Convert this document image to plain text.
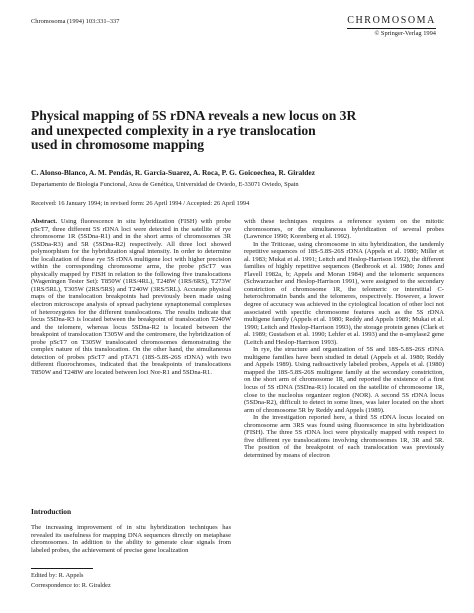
Chromosoma (1994) 103:331–337	CHROMOSOMA
© Springer-Verlag 1994
Physical mapping of 5S rDNA reveals a new locus on 3R
and unexpected complexity in a rye translocation
used in chromosome mapping
C. Alonso-Blanco, A. M. Pendás, R. Garcia-Suarez, A. Roca, P. G. Goicoechea, R. Giraldez
Departamento de Biologia Funcional, Area de Genética, Universidad de Oviedo, E-33071 Oviedo, Spain
Received: 16 January 1994; in revised form: 26 April 1994 / Accepted: 26 April 1994
Abstract. Using fluorescence in situ hybridization (FISH) with probe pScT7, three different 5S rDNA loci were detected in the satellite of rye chromosome 1R (5SDna-R1) and in the short arms of chromosomes 3R (5SDna-R3) and 5R (5SDna-R2) respectively. All three loci showed polymorphism for the hybridization signal intensity. In order to determine the localization of these rye 5S rDNA multigene loci with higher precision within the corresponding chromosome arms, the probe pScT7 was physically mapped by FISH in relation to the following five translocations (Wageningen Tester Set): T850W (1RS/4RL), T248W (1RS/6RS), T273W (1RS/5RL), T305W (2RS/5RS) and T240W (3RS/5RL). Accurate physical maps of the translocation breakpoints had previously been made using electron microscope analysis of spread pachytene synaptonemal complexes of heterozygotes for the different translocations. The results indicate that locus 5SDna-R3 is located between the breakpoint of translocation T240W and the telomere, whereas locus 5SDna-R2 is located between the breakpoint of translocation T305W and the centromere, the hybridization of probe pScT7 on T305W translocated chromosomes demonstrating the complex nature of this translocation. On the other hand, the simultaneous detection of probes pScT7 and pTA71 (18S-5.8S-26S rDNA) with two different fluorochromes, indicated that the breakpoints of translocations T850W and T248W are located between loci Nor-R1 and 5SDna-R1.
Introduction
The increasing improvement of in situ hybridization techniques has revealed its usefulness for mapping DNA sequences directly on metaphase chromosomes. In addition to the ability to generate clear signals from labeled probes, the achievement of precise gene localization
Edited by: R. Appels
Correspondence to: R. Giraldez

with these techniques requires a reference system on the mitotic chromosomes, or the simultaneous hybridization of several probes (Lawrence 1990; Korenberg et al. 1992).

In the Triticeae, using chromosome in situ hybridization, the tandemly repetitive sequences of 18S-5.8S-26S rDNA (Appels et al. 1980; Miller et al. 1983; Mukai et al. 1991; Leitch and Heslop-Harrison 1992), the different families of highly repetitive sequences (Bedbrook et al. 1980; Jones and Flavell 1982a, b; Appels and Moran 1984) and the telomeric sequences (Schwarzacher and Heslop-Harrison 1991), were assigned to the secondary constriction of chromosome 1R, the telomeric or interstitial C-heterochromatin bands and the telomeres, respectively. However, a lower degree of accuracy was achieved in the cytological location of other loci not associated with specific chromosome features such as the 5S rDNA multigene family (Appels et al. 1980; Reddy and Appels 1989; Mukai et al. 1990; Leitch and Heslop-Harrison 1993), the storage protein genes (Clark et al. 1989; Gustafson et al. 1990; Lehfer et al. 1993) and the α-amylase2 gene (Leitch and Heslop-Harrison 1993).

In rye, the structure and organization of 5S and 18S-5.8S-26S rDNA multigene families have been studied in detail (Appels et al. 1980; Reddy and Appels 1989). Using radioactively labeled probes, Appels et al. (1980) mapped the 18S-5.8S-26S multigene family at the secondary constriction, on the short arm of chromosome 1R, and reported the existence of a first locus of 5S rDNA (5SDna-R1) located on the satellite of chromosome 1R, close to the nucleolus organizer region (NOR). A second 5S rDNA locus (5SDna-R2), difficult to detect in some lines, was later located on the short arm of chromosome 5R by Reddy and Appels (1989).

In the investigation reported here, a third 5S rDNA locus located on chromosome arm 3RS was found using fluorescence in situ hybridization (FISH). The three 5S rDNA loci were physically mapped with respect to five different rye translocations involving chromosomes 1R, 3R and 5R. The position of the breakpoint of each translocation was previously determined by means of electron
